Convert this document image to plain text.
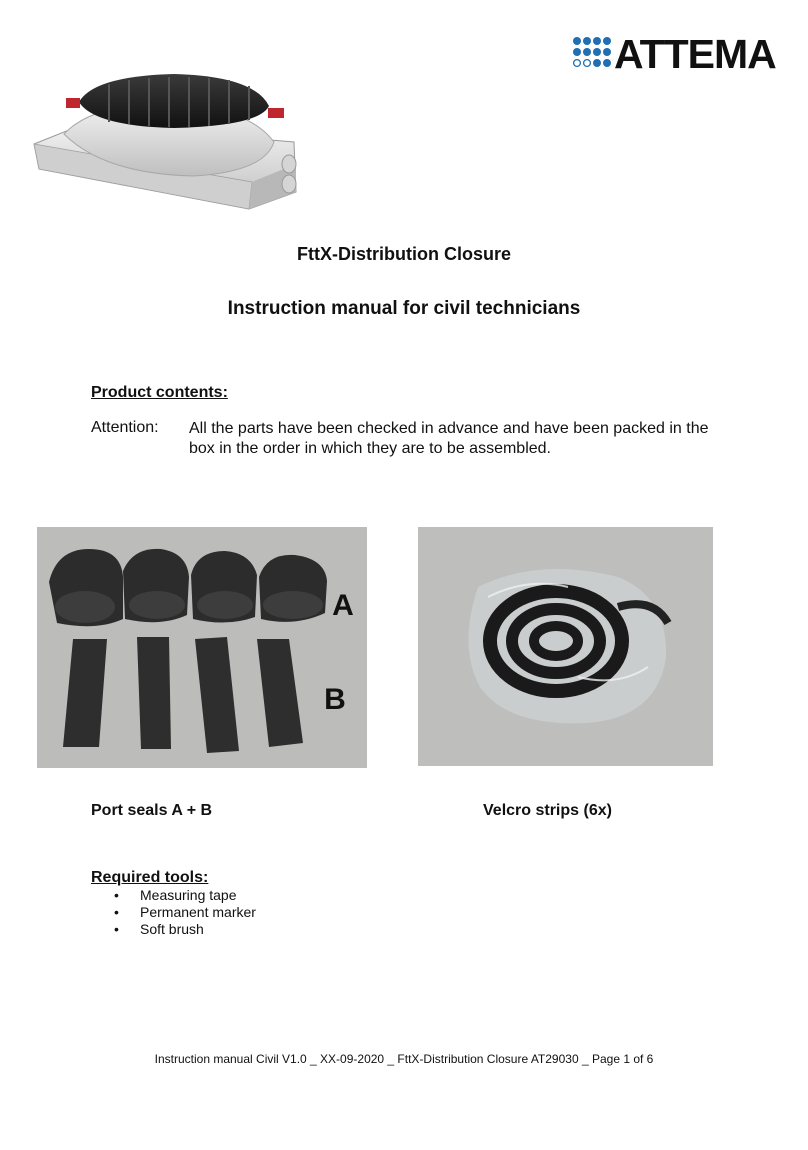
ATTEMA
FttX-Distribution Closure
Instruction manual for civil technicians
Product contents:
Attention: All the parts have been checked in advance and have been packed in the box in the order in which they are to be assembled.
A
B
Port seals A + B	Velcro strips (6x)
Required tools:
• Measuring tape
• Permanent marker
• Soft brush
Instruction manual Civil V1.0 _ XX-09-2020 _ FttX-Distribution Closure AT29030 _ Page 1 of 6
